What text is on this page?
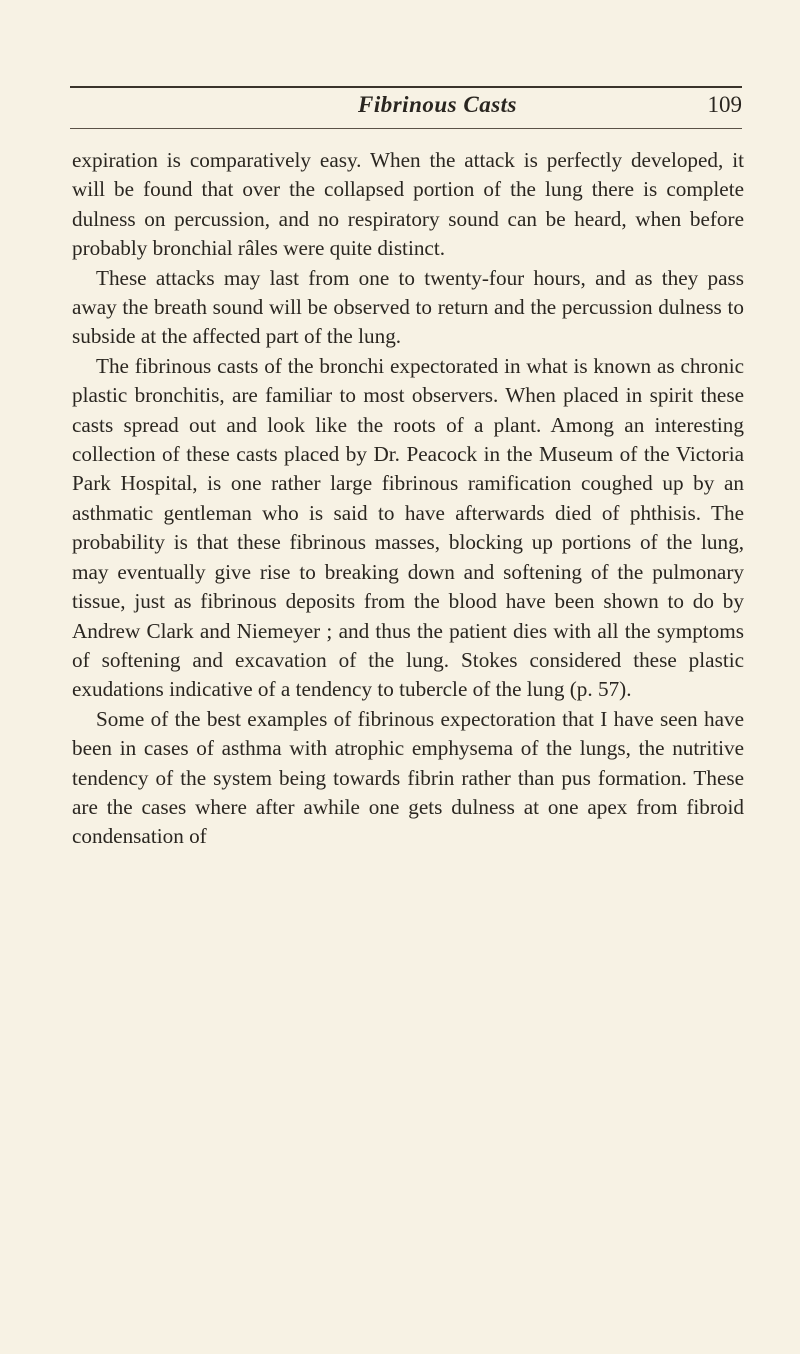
Fibrinous Casts	109

expiration is comparatively easy. When the attack is perfectly developed, it will be found that over the collapsed portion of the lung there is complete dulness on percussion, and no respiratory sound can be heard, when before probably bronchial râles were quite distinct.

These attacks may last from one to twenty-four hours, and as they pass away the breath sound will be observed to return and the percussion dulness to subside at the affected part of the lung.

The fibrinous casts of the bronchi expectorated in what is known as chronic plastic bronchitis, are familiar to most observers. When placed in spirit these casts spread out and look like the roots of a plant. Among an interesting collection of these casts placed by Dr. Peacock in the Museum of the Victoria Park Hospital, is one rather large fibrinous ramification coughed up by an asthmatic gentleman who is said to have afterwards died of phthisis. The probability is that these fibrinous masses, blocking up portions of the lung, may eventually give rise to breaking down and softening of the pulmonary tissue, just as fibrinous deposits from the blood have been shown to do by Andrew Clark and Niemeyer ; and thus the patient dies with all the symptoms of softening and excavation of the lung. Stokes considered these plastic exudations indicative of a tendency to tubercle of the lung (p. 57).

Some of the best examples of fibrinous expectoration that I have seen have been in cases of asthma with atrophic emphysema of the lungs, the nutritive tendency of the system being towards fibrin rather than pus formation. These are the cases where after awhile one gets dulness at one apex from fibroid condensation of
